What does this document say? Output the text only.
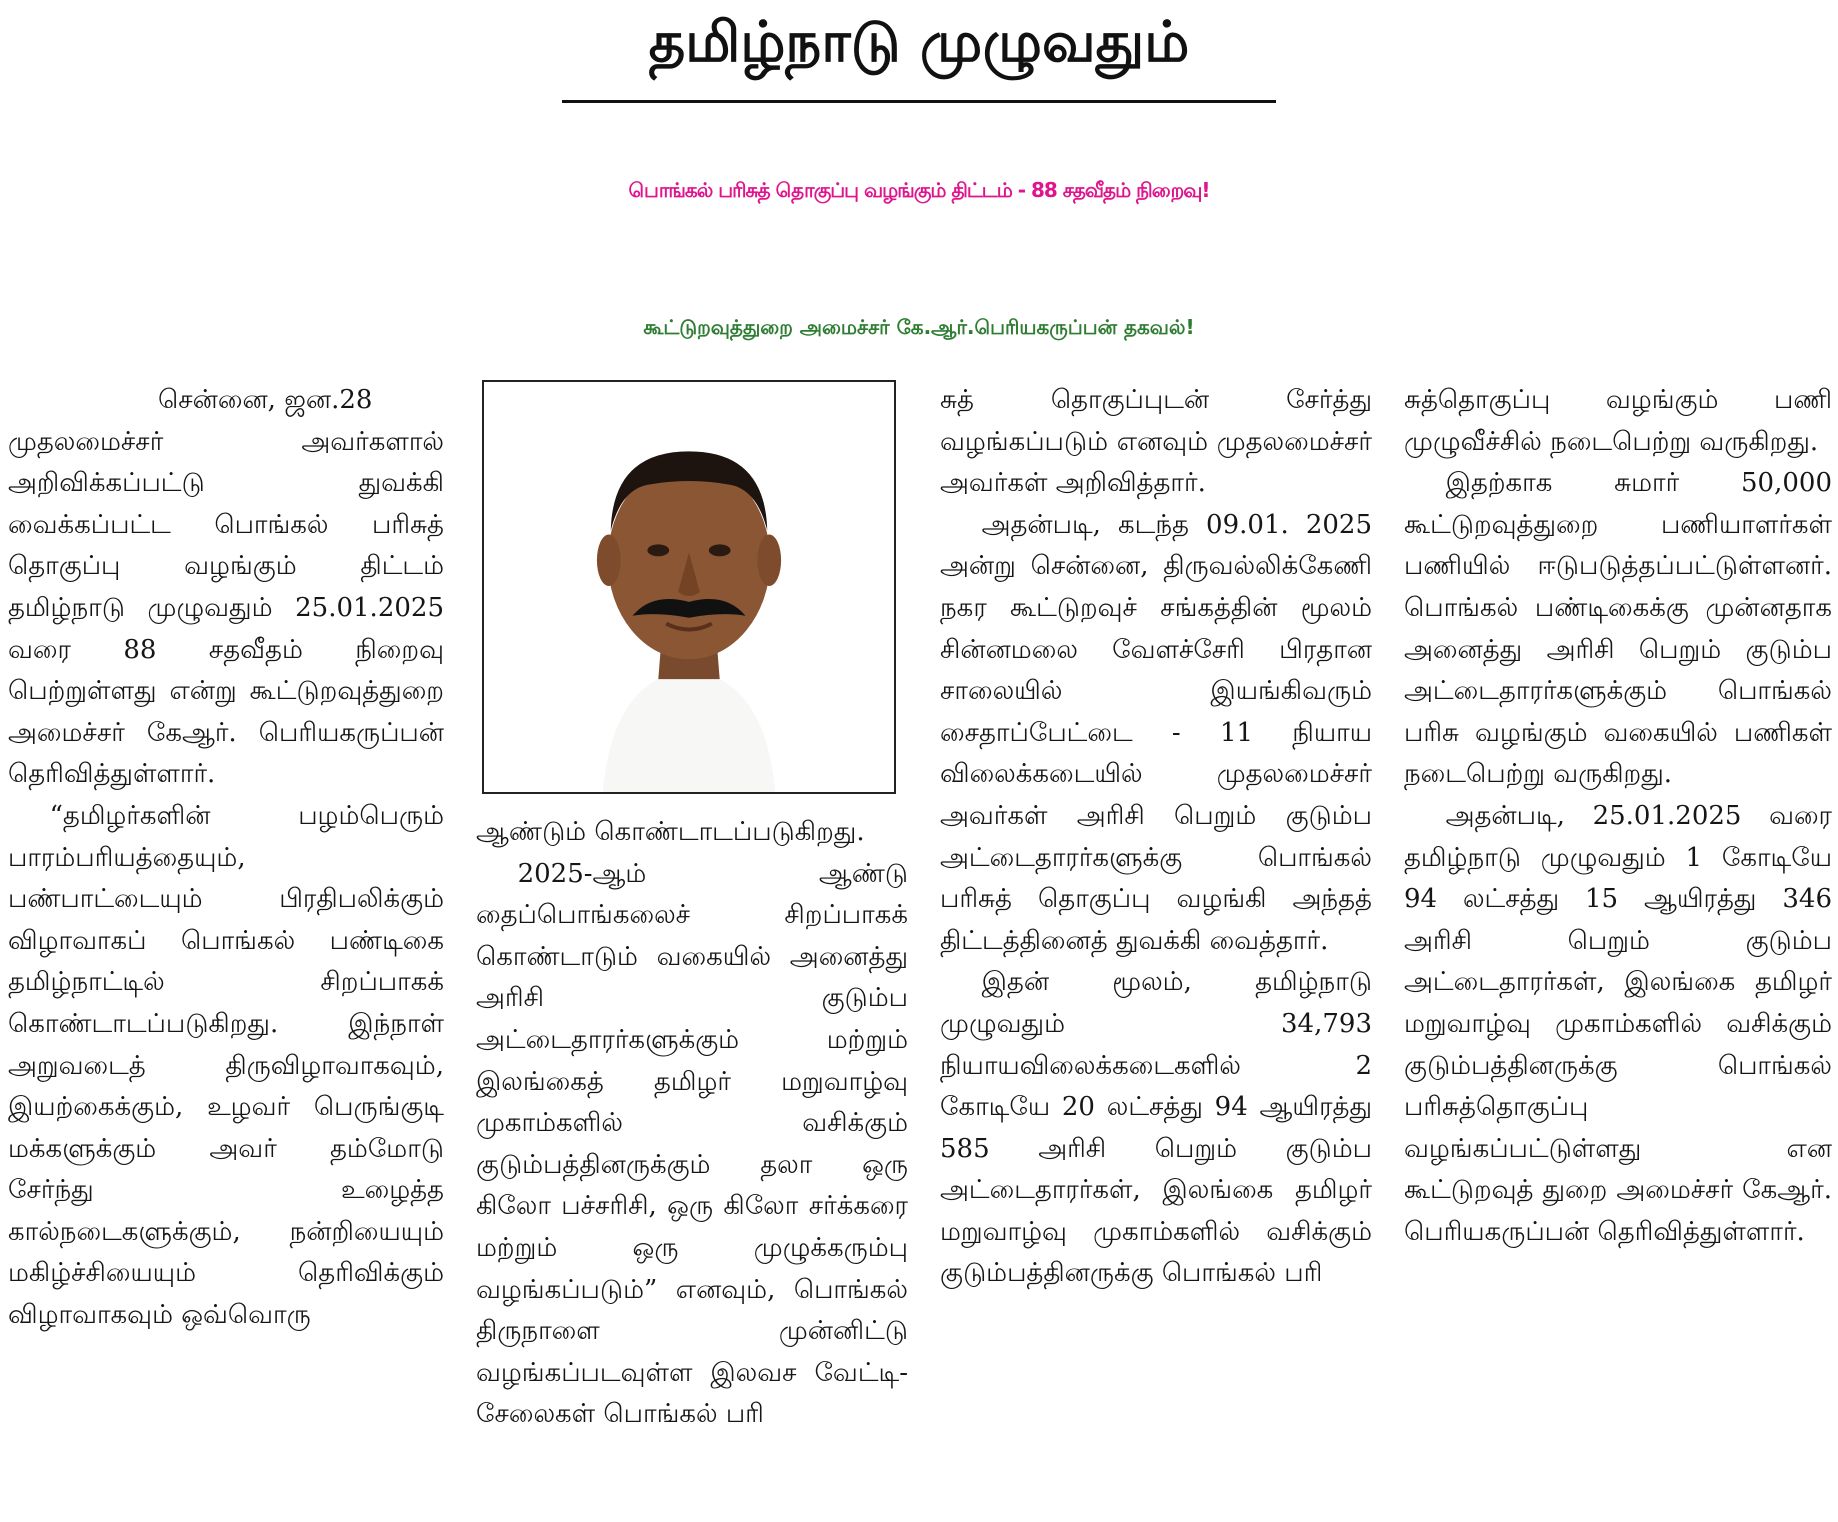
தமிழ்நாடு முழுவதும்
பொங்கல் பரிசுத் தொகுப்பு வழங்கும் திட்டம் - 88 சதவீதம் நிறைவு!
கூட்டுறவுத்துறை அமைச்சர் கே.ஆர்.பெரியகருப்பன் தகவல்!

சென்னை, ஜன.28

முதலமைச்சர் அவர்களால் அறிவிக்கப்பட்டு துவக்கி வைக்கப்பட்ட பொங்கல் பரிசுத் தொகுப்பு வழங்கும் திட்டம் தமிழ்நாடு முழுவதும் 25.01.2025 வரை 88 சதவீதம் நிறைவு பெற்றுள்ளது என்று கூட்டுறவுத்துறை அமைச்சர் கேஆர். பெரியகருப்பன் தெரிவித்துள்ளார்.

“தமிழர்களின் பழம்பெரும் பாரம்பரியத்தையும், பண்பாட்டையும் பிரதிபலிக்கும் விழாவாகப் பொங்கல் பண்டிகை தமிழ்நாட்டில் சிறப்பாகக் கொண்டாடப்படுகிறது. இந்நாள் அறுவடைத் திருவிழாவாகவும், இயற்கைக்கும், உழவர் பெருங்குடி மக்களுக்கும் அவர் தம்மோடு சேர்ந்து உழைத்த கால்நடைகளுக்கும், நன்றியையும் மகிழ்ச்சியையும் தெரிவிக்கும் விழாவாகவும் ஒவ்வொரு

ஆண்டும் கொண்டாடப்படுகிறது.

2025-ஆம் ஆண்டு தைப்பொங்கலைச் சிறப்பாகக் கொண்டாடும் வகையில் அனைத்து அரிசி குடும்ப அட்டைதாரர்களுக்கும் மற்றும் இலங்கைத் தமிழர் மறுவாழ்வு முகாம்களில் வசிக்கும் குடும்பத்தினருக்கும் தலா ஒரு கிலோ பச்சரிசி, ஒரு கிலோ சர்க்கரை மற்றும் ஒரு முழுக்கரும்பு வழங்கப்படும்” எனவும், பொங்கல் திருநாளை முன்னிட்டு வழங்கப்படவுள்ள இலவச வேட்டி-சேலைகள் பொங்கல் பரி

சுத் தொகுப்புடன் சேர்த்து வழங்கப்படும் எனவும் முதலமைச்சர் அவர்கள் அறிவித்தார்.

அதன்படி, கடந்த 09.01. 2025 அன்று சென்னை, திருவல்லிக்கேணி நகர கூட்டுறவுச் சங்கத்தின் மூலம் சின்னமலை வேளச்சேரி பிரதான சாலையில் இயங்கிவரும் சைதாப்பேட்டை - 11 நியாய விலைக்கடையில் முதலமைச்சர் அவர்கள் அரிசி பெறும் குடும்ப அட்டைதாரர்களுக்கு பொங்கல் பரிசுத் தொகுப்பு வழங்கி அந்தத் திட்டத்தினைத் துவக்கி வைத்தார்.

இதன் மூலம், தமிழ்நாடு முழுவதும் 34,793 நியாயவிலைக்கடைகளில் 2 கோடியே 20 லட்சத்து 94 ஆயிரத்து 585 அரிசி பெறும் குடும்ப அட்டைதாரர்கள், இலங்கை தமிழர் மறுவாழ்வு முகாம்களில் வசிக்கும் குடும்பத்தினருக்கு பொங்கல் பரி

சுத்தொகுப்பு வழங்கும் பணி முழுவீச்சில் நடைபெற்று வருகிறது.

இதற்காக சுமார் 50,000 கூட்டுறவுத்துறை பணியாளர்கள் பணியில் ஈடுபடுத்தப்பட்டுள்ளனர். பொங்கல் பண்டிகைக்கு முன்னதாக அனைத்து அரிசி பெறும் குடும்ப அட்டைதாரர்களுக்கும் பொங்கல் பரிசு வழங்கும் வகையில் பணிகள் நடைபெற்று வருகிறது.

அதன்படி, 25.01.2025 வரை தமிழ்நாடு முழுவதும் 1 கோடியே 94 லட்சத்து 15 ஆயிரத்து 346 அரிசி பெறும் குடும்ப அட்டைதாரர்கள், இலங்கை தமிழர் மறுவாழ்வு முகாம்களில் வசிக்கும் குடும்பத்தினருக்கு பொங்கல் பரிசுத்தொகுப்பு வழங்கப்பட்டுள்ளது என கூட்டுறவுத் துறை அமைச்சர் கேஆர். பெரியகருப்பன் தெரிவித்துள்ளார்.
